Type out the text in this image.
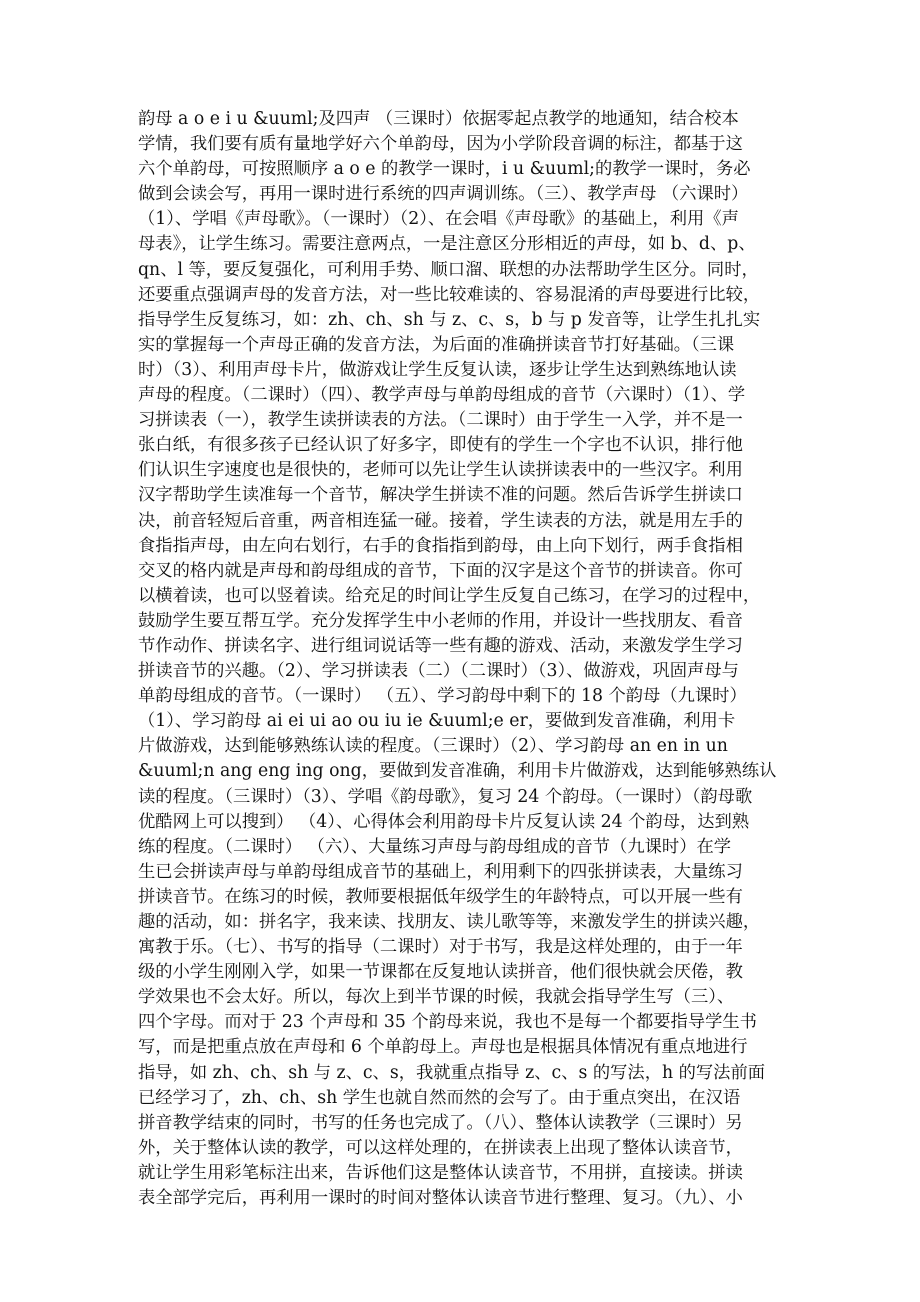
韵母 a o e i u &uuml;及四声 （三课时）依据零起点教学的地通知，结合校本
学情，我们要有质有量地学好六个单韵母，因为小学阶段音调的标注，都基于这
六个单韵母，可按照顺序 a o e 的教学一课时，i u &uuml;的教学一课时，务必
做到会读会写，再用一课时进行系统的四声调训练。（三）、教学声母 （六课时）
（1）、学唱《声母歌》。（一课时）（2）、在会唱《声母歌》的基础上，利用《声
母表》，让学生练习。需要注意两点，一是注意区分形相近的声母，如 b、d、p、
qn、l 等，要反复强化，可利用手势、顺口溜、联想的办法帮助学生区分。同时，
还要重点强调声母的发音方法，对一些比较难读的、容易混淆的声母要进行比较，
指导学生反复练习，如：zh、ch、sh 与 z、c、s，b 与 p 发音等，让学生扎扎实
实的掌握每一个声母正确的发音方法，为后面的准确拼读音节打好基础。（三课
时）（3）、利用声母卡片，做游戏让学生反复认读，逐步让学生达到熟练地认读
声母的程度。（二课时）（四）、教学声母与单韵母组成的音节（六课时）（1）、学
习拼读表（一），教学生读拼读表的方法。（二课时）由于学生一入学，并不是一
张白纸，有很多孩子已经认识了好多字，即使有的学生一个字也不认识，排行他
们认识生字速度也是很快的，老师可以先让学生认读拼读表中的一些汉字。利用
汉字帮助学生读准每一个音节，解决学生拼读不准的问题。然后告诉学生拼读口
决，前音轻短后音重，两音相连猛一碰。接着，学生读表的方法，就是用左手的
食指指声母，由左向右划行，右手的食指指到韵母，由上向下划行，两手食指相
交叉的格内就是声母和韵母组成的音节，下面的汉字是这个音节的拼读音。你可
以横着读，也可以竖着读。给充足的时间让学生反复自己练习，在学习的过程中，
鼓励学生要互帮互学。充分发挥学生中小老师的作用，并设计一些找朋友、看音
节作动作、拼读名字、进行组词说话等一些有趣的游戏、活动，来激发学生学习
拼读音节的兴趣。（2）、学习拼读表（二）（二课时）（3）、做游戏，巩固声母与
单韵母组成的音节。（一课时） （五）、学习韵母中剩下的 18 个韵母（九课时）
（1）、学习韵母 ai ei ui ao ou iu ie &uuml;e er，要做到发音准确，利用卡
片做游戏，达到能够熟练认读的程度。（三课时）（2）、学习韵母 an en in un
&uuml;n ang eng ing ong，要做到发音准确，利用卡片做游戏，达到能够熟练认
读的程度。（三课时）（3）、学唱《韵母歌》，复习 24 个韵母。（一课时）（韵母歌
优酷网上可以搜到） （4）、心得体会利用韵母卡片反复认读 24 个韵母，达到熟
练的程度。（二课时） （六）、大量练习声母与韵母组成的音节（九课时）在学
生已会拼读声母与单韵母组成音节的基础上，利用剩下的四张拼读表，大量练习
拼读音节。在练习的时候，教师要根据低年级学生的年龄特点，可以开展一些有
趣的活动，如：拼名字，我来读、找朋友、读儿歌等等，来激发学生的拼读兴趣，
寓教于乐。（七）、书写的指导（二课时）对于书写，我是这样处理的，由于一年
级的小学生刚刚入学，如果一节课都在反复地认读拼音，他们很快就会厌倦，教
学效果也不会太好。所以，每次上到半节课的时候，我就会指导学生写（三）、
四个字母。而对于 23 个声母和 35 个韵母来说，我也不是每一个都要指导学生书
写，而是把重点放在声母和 6 个单韵母上。声母也是根据具体情况有重点地进行
指导，如 zh、ch、sh 与 z、c、s，我就重点指导 z、c、s 的写法，h 的写法前面
已经学习了，zh、ch、sh 学生也就自然而然的会写了。由于重点突出，在汉语
拼音教学结束的同时，书写的任务也完成了。（八）、整体认读教学（三课时）另
外，关于整体认读的教学，可以这样处理的，在拼读表上出现了整体认读音节，
就让学生用彩笔标注出来，告诉他们这是整体认读音节，不用拼，直接读。拼读
表全部学完后，再利用一课时的时间对整体认读音节进行整理、复习。（九）、小
